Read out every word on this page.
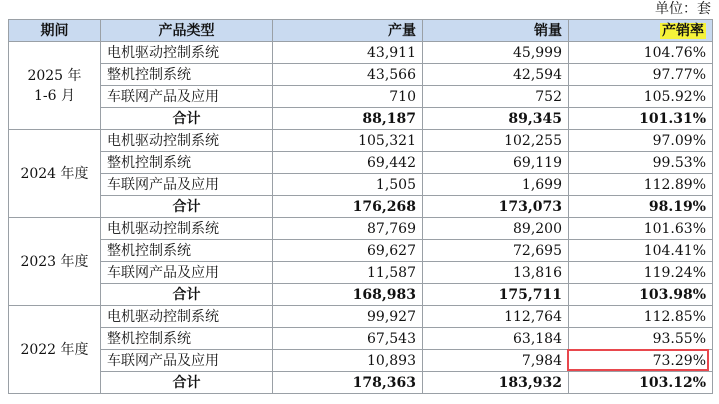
单位：套
期间	产品类型	产量	销量	产销率
2025 年
1-6 月	电机驱动控制系统	43,911	45,999	104.76%
	整机控制系统	43,566	42,594	97.77%
	车联网产品及应用	710	752	105.92%
	合计	88,187	89,345	101.31%
2024 年度	电机驱动控制系统	105,321	102,255	97.09%
	整机控制系统	69,442	69,119	99.53%
	车联网产品及应用	1,505	1,699	112.89%
	合计	176,268	173,073	98.19%
2023 年度	电机驱动控制系统	87,769	89,200	101.63%
	整机控制系统	69,627	72,695	104.41%
	车联网产品及应用	11,587	13,816	119.24%
	合计	168,983	175,711	103.98%
2022 年度	电机驱动控制系统	99,927	112,764	112.85%
	整机控制系统	67,543	63,184	93.55%
	车联网产品及应用	10,893	7,984	73.29%
	合计	178,363	183,932	103.12%
